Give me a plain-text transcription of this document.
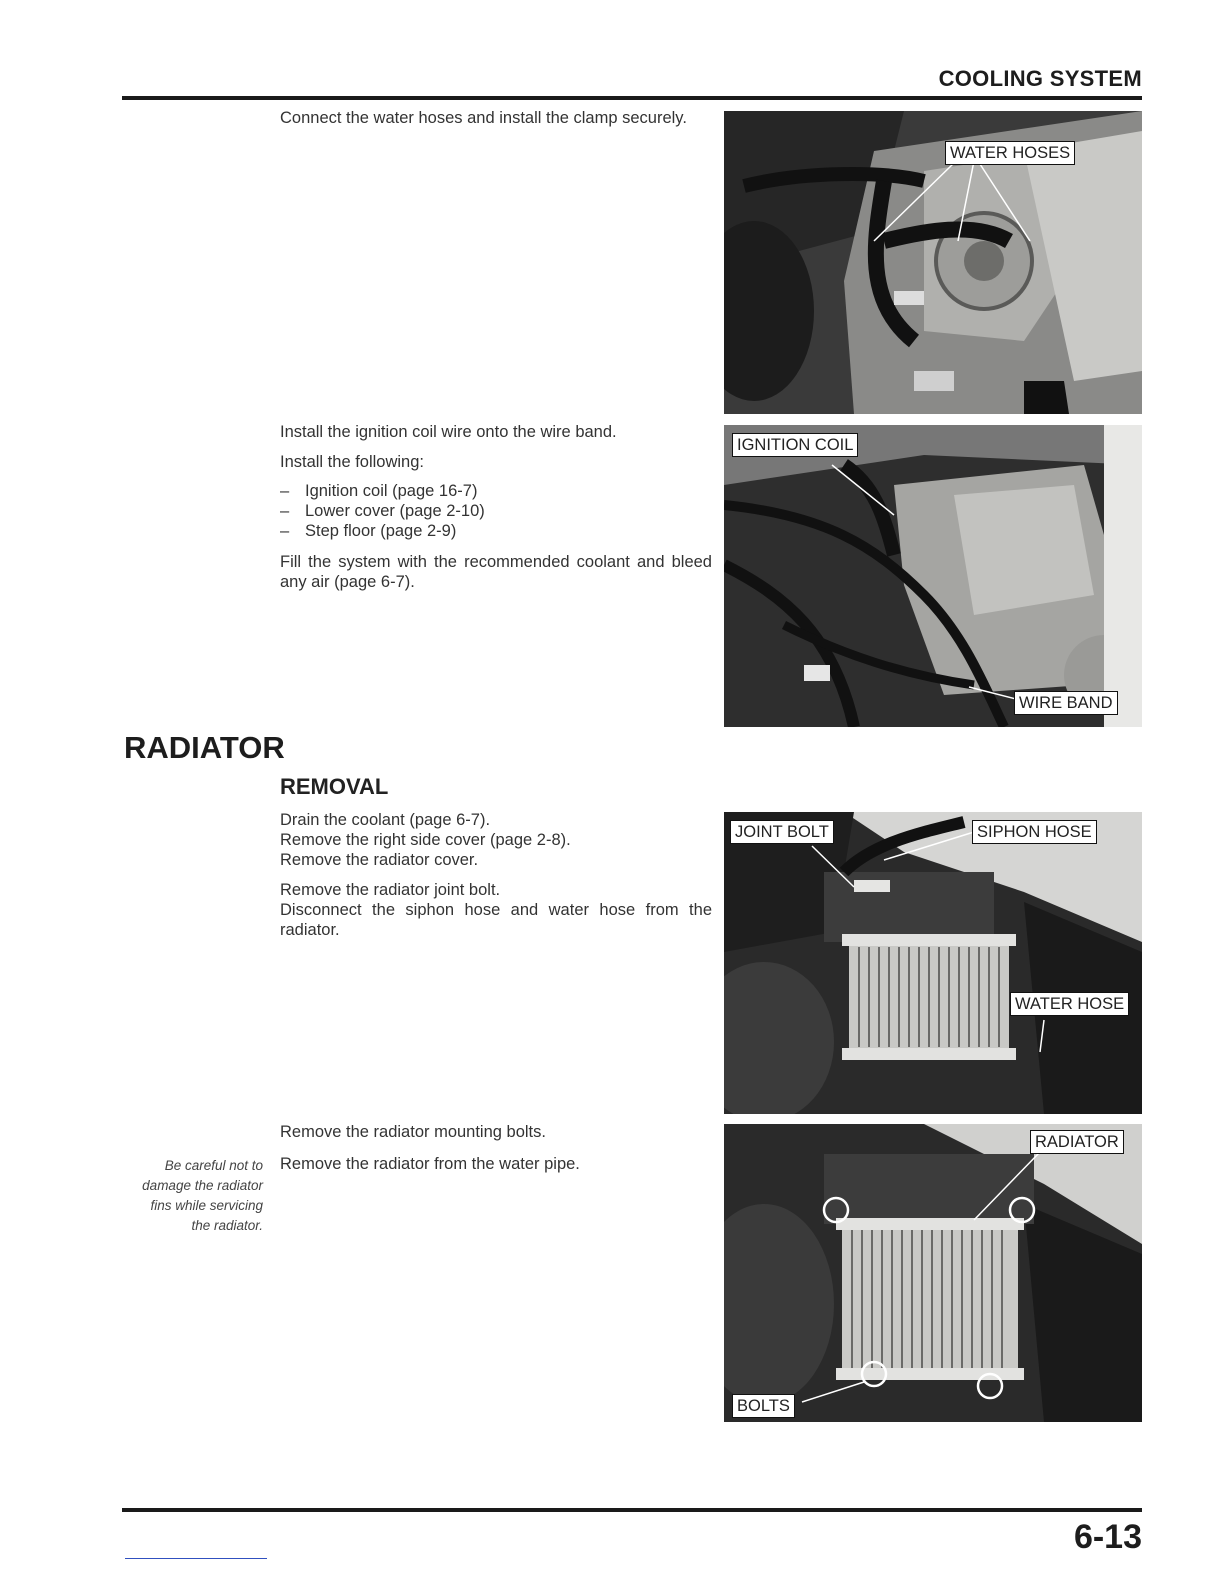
COOLING SYSTEM

Connect the water hoses and install the clamp securely.

Install the ignition coil wire onto the wire band.

Install the following:

– Ignition coil (page 16-7)
– Lower cover (page 2-10)
– Step floor (page 2-9)

Fill the system with the recommended coolant and bleed any air (page 6-7).

RADIATOR
REMOVAL

Drain the coolant (page 6-7).

Remove the right side cover (page 2-8).

Remove the radiator cover.

Remove the radiator joint bolt.

Disconnect the siphon hose and water hose from the radiator.

Remove the radiator mounting bolts.

Remove the radiator from the water pipe.

Be careful not to damage the radiator fins while servicing the radiator.
WATER HOSES
IGNITION COIL
WIRE BAND
JOINT BOLT	SIPHON HOSE
WATER HOSE
RADIATOR
BOLTS
6-13
